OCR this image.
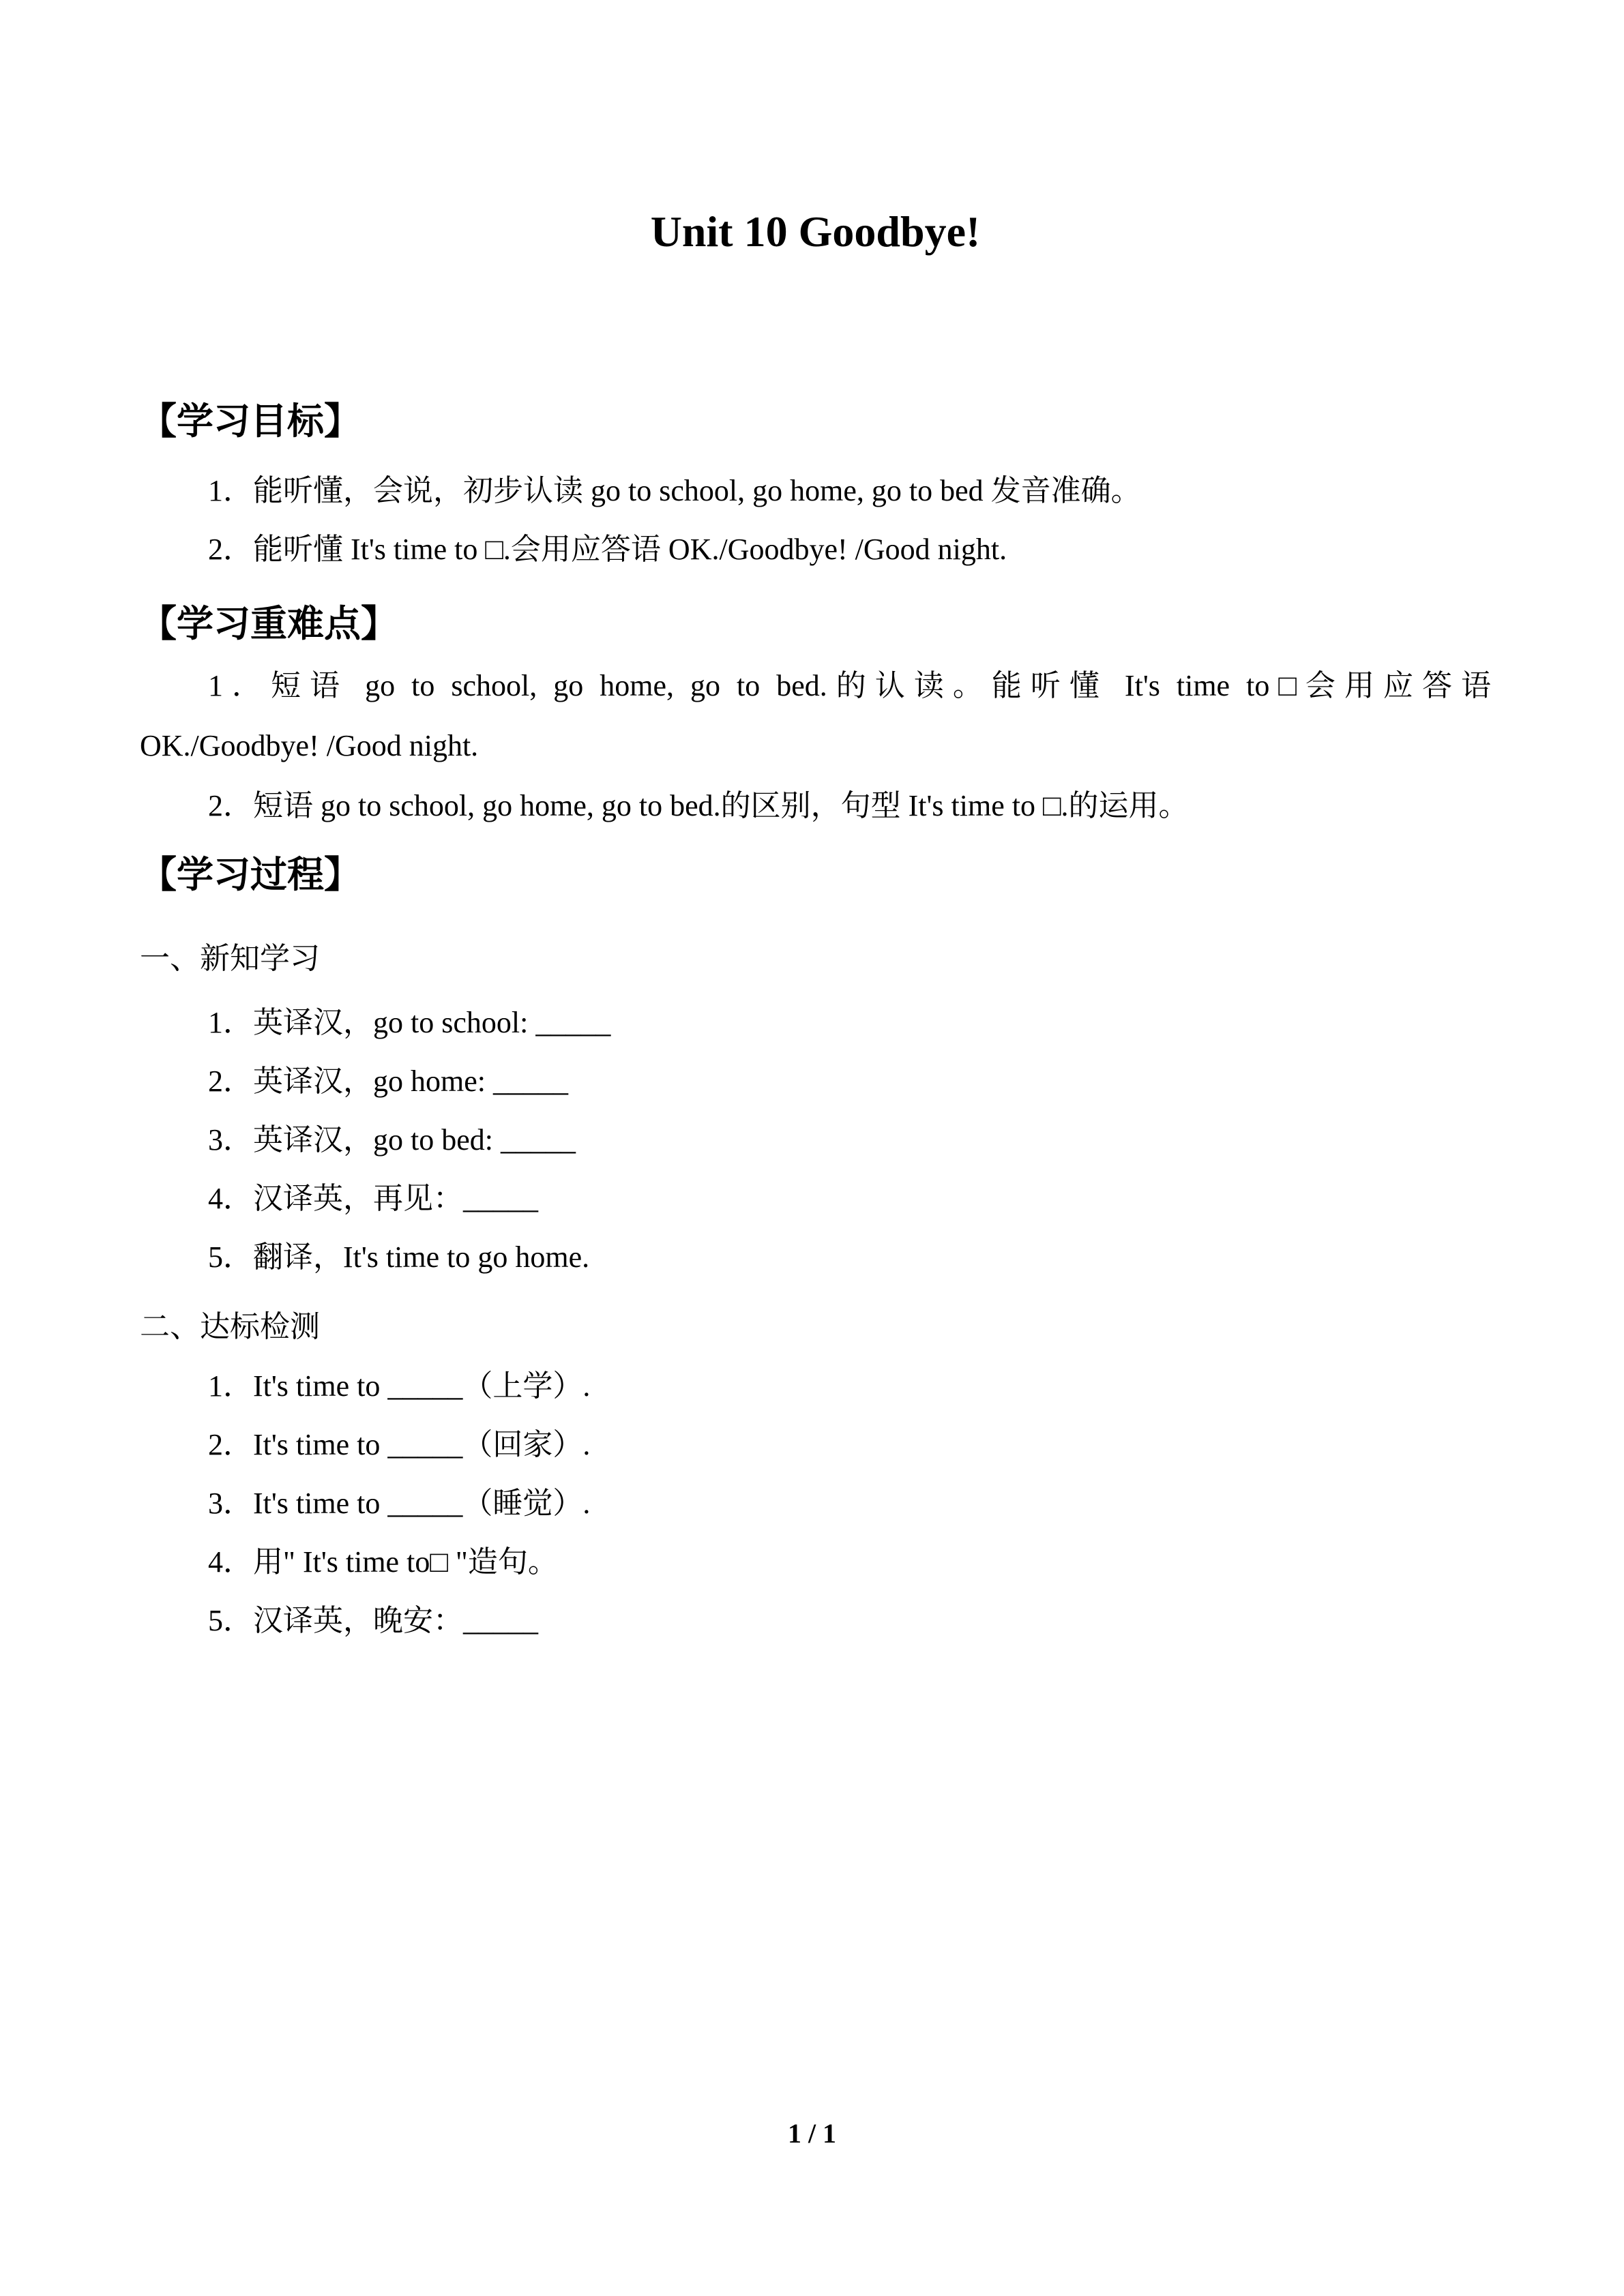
Unit 10 Goodbye!
【学习目标】
1．能听懂，会说，初步认读 go to school, go home, go to bed 发音准确。
2．能听懂 It's time to □.会用应答语 OK./Goodbye! /Good night.
【学习重难点】
1．短语 go to school, go home, go to bed.的认读。能听懂 It's time to□会用应答语
OK./Goodbye! /Good night.
2．短语 go to school, go home, go to bed.的区别，句型 It's time to □.的运用。
【学习过程】
一、新知学习
1．英译汉，go to school: _____
2．英译汉，go home: _____
3．英译汉，go to bed: _____
4．汉译英，再见：_____
5．翻译，It's time to go home.
二、达标检测
1．It's time to _____（上学）.
2．It's time to _____（回家）.
3．It's time to _____（睡觉）.
4．用" It's time to□ "造句。
5．汉译英，晚安：_____
1 / 1
